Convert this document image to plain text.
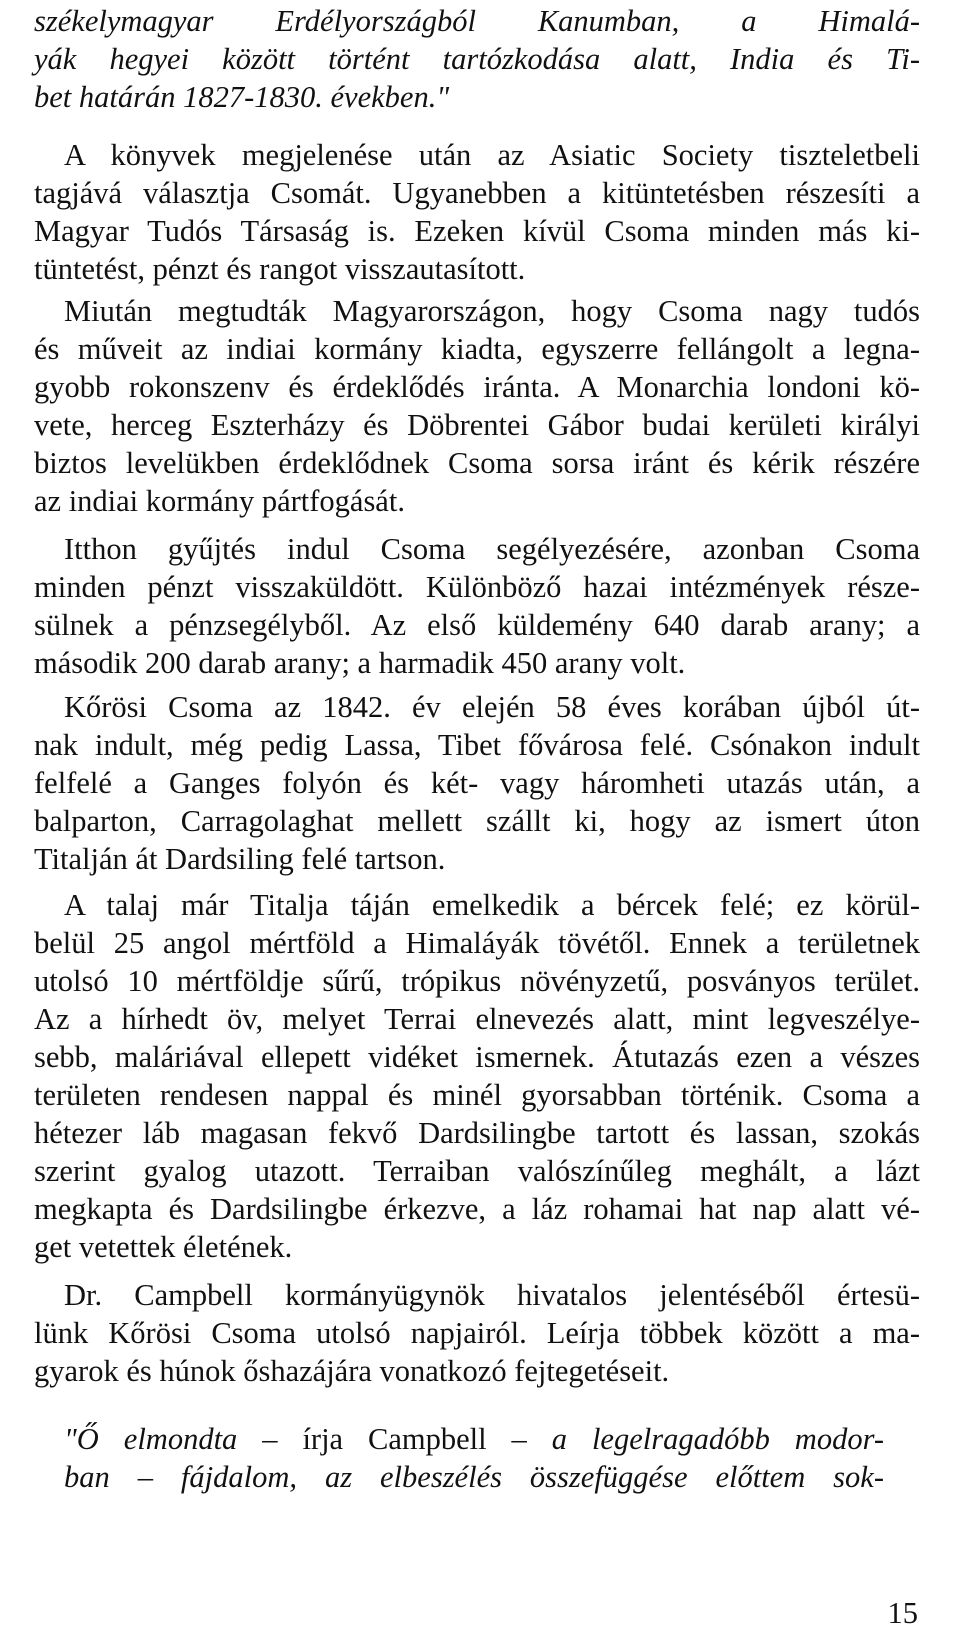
székelymagyar Erdélyországból Kanumban, a Himalá-
yák hegyei között történt tartózkodása alatt, India és Ti-
bet határán 1827-1830. években."
A könyvek megjelenése után az Asiatic Society tiszteletbeli
tagjává választja Csomát. Ugyanebben a kitüntetésben részesíti a
Magyar Tudós Társaság is. Ezeken kívül Csoma minden más ki-
tüntetést, pénzt és rangot visszautasított.
Miután megtudták Magyarországon, hogy Csoma nagy tudós
és műveit az indiai kormány kiadta, egyszerre fellángolt a legna-
gyobb rokonszenv és érdeklődés iránta. A Monarchia londoni kö-
vete, herceg Eszterházy és Döbrentei Gábor budai kerületi királyi
biztos levelükben érdeklődnek Csoma sorsa iránt és kérik részére
az indiai kormány pártfogását.
Itthon gyűjtés indul Csoma segélyezésére, azonban Csoma
minden pénzt visszaküldött. Különböző hazai intézmények része-
sülnek a pénzsegélyből. Az első küldemény 640 darab arany; a
második 200 darab arany; a harmadik 450 arany volt.
Kőrösi Csoma az 1842. év elején 58 éves korában újból út-
nak indult, még pedig Lassa, Tibet fővárosa felé. Csónakon indult
felfelé a Ganges folyón és két- vagy háromheti utazás után, a
balparton, Carragolaghat mellett szállt ki, hogy az ismert úton
Titalján át Dardsiling felé tartson.
A talaj már Titalja táján emelkedik a bércek felé; ez körül-
belül 25 angol mértföld a Himaláyák tövétől. Ennek a területnek
utolsó 10 mértföldje sűrű, trópikus növényzetű, posványos terület.
Az a hírhedt öv, melyet Terrai elnevezés alatt, mint legveszélye-
sebb, maláriával ellepett vidéket ismernek. Átutazás ezen a vészes
területen rendesen nappal és minél gyorsabban történik. Csoma a
hétezer láb magasan fekvő Dardsilingbe tartott és lassan, szokás
szerint gyalog utazott. Terraiban valószínűleg meghált, a lázt
megkapta és Dardsilingbe érkezve, a láz rohamai hat nap alatt vé-
get vetettek életének.
Dr. Campbell kormányügynök hivatalos jelentéséből értesü-
lünk Kőrösi Csoma utolsó napjairól. Leírja többek között a ma-
gyarok és húnok őshazájára vonatkozó fejtegetéseit.
"Ő elmondta – írja Campbell – a legelragadóbb modor-
ban – fájdalom, az elbeszélés összefüggése előttem sok-
15
